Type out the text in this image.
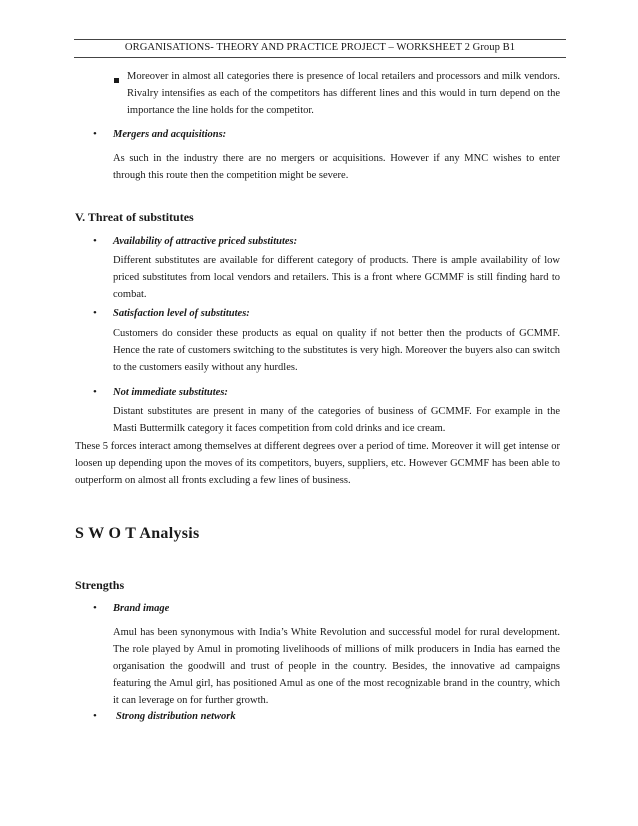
ORGANISATIONS- THEORY AND PRACTICE PROJECT – WORKSHEET 2 Group B1
Moreover in almost all categories there is presence of local retailers and processors and milk vendors. Rivalry intensifies as each of the competitors has different lines and this would in turn depend on the importance the line holds for the competitor.
• Mergers and acquisitions:
As such in the industry there are no mergers or acquisitions. However if any MNC wishes to enter through this route then the competition might be severe.
V. Threat of substitutes
• Availability of attractive priced substitutes:
Different substitutes are available for different category of products. There is ample availability of low priced substitutes from local vendors and retailers. This is a front where GCMMF is still finding hard to combat.
• Satisfaction level of substitutes:
Customers do consider these products as equal on quality if not better then the products of GCMMF. Hence the rate of customers switching to the substitutes is very high. Moreover the buyers also can switch to the customers easily without any hurdles.
• Not immediate substitutes:
Distant substitutes are present in many of the categories of business of GCMMF. For example in the Masti Buttermilk category it faces competition from cold drinks and ice cream.
These 5 forces interact among themselves at different degrees over a period of time. Moreover it will get intense or loosen up depending upon the moves of its competitors, buyers, suppliers, etc. However GCMMF has been able to outperform on almost all fronts excluding a few lines of business.
S W O T Analysis
Strengths
• Brand image
Amul has been synonymous with India’s White Revolution and successful model for rural development. The role played by Amul in promoting livelihoods of millions of milk producers in India has earned the organisation the goodwill and trust of people in the country. Besides, the innovative ad campaigns featuring the Amul girl, has positioned Amul as one of the most recognizable brand in the country, which it can leverage on for further growth.
• Strong distribution network
